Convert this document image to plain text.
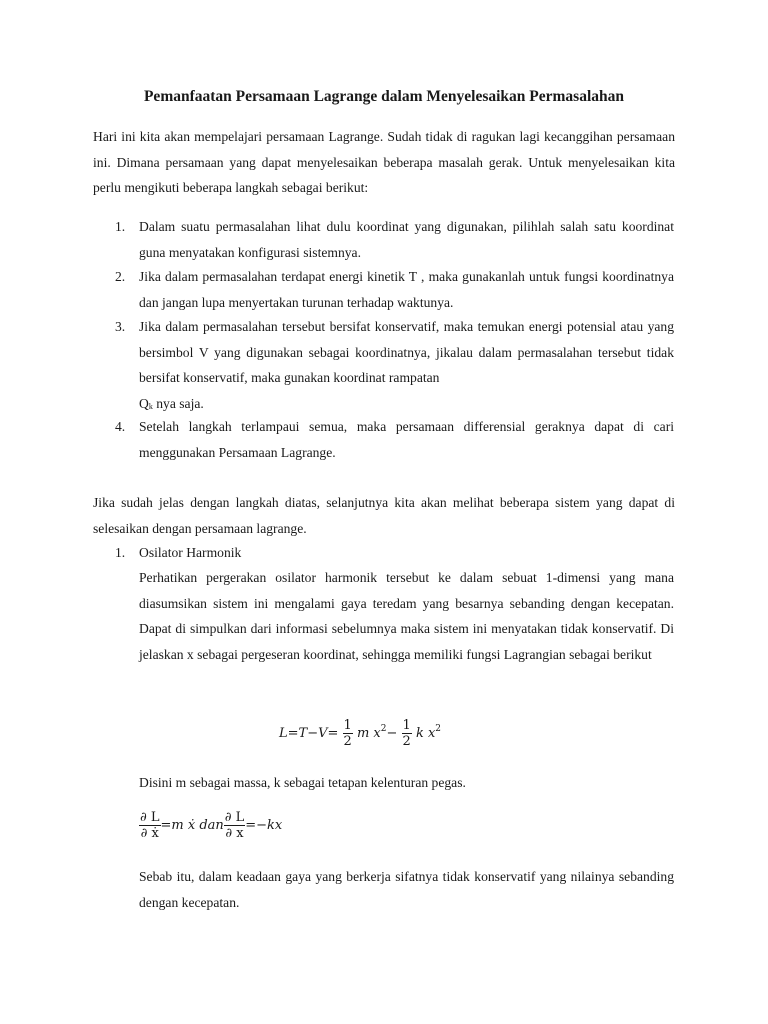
Pemanfaatan Persamaan Lagrange dalam Menyelesaikan Permasalahan
Hari ini kita akan mempelajari persamaan Lagrange. Sudah tidak di ragukan lagi kecanggihan persamaan ini. Dimana persamaan yang dapat menyelesaikan beberapa masalah gerak. Untuk menyelesaikan kita perlu mengikuti beberapa langkah sebagai berikut:
1. Dalam suatu permasalahan lihat dulu koordinat yang digunakan, pilihlah salah satu koordinat guna menyatakan konfigurasi sistemnya.
2. Jika dalam permasalahan terdapat energi kinetik T , maka gunakanlah untuk fungsi koordinatnya dan jangan lupa menyertakan turunan terhadap waktunya.
3. Jika dalam permasalahan tersebut bersifat konservatif, maka temukan energi potensial atau yang bersimbol V yang digunakan sebagai koordinatnya, jikalau dalam permasalahan tersebut tidak bersifat konservatif, maka gunakan koordinat rampatan
$Q_k$ nya saja.
4. Setelah langkah terlampaui semua, maka persamaan differensial geraknya dapat di cari menggunakan Persamaan Lagrange.
Jika sudah jelas dengan langkah diatas, selanjutnya kita akan melihat beberapa sistem yang dapat di selesaikan dengan persamaan lagrange.
1. Osilator Harmonik
Perhatikan pergerakan osilator harmonik tersebut ke dalam sebuat 1-dimensi yang mana diasumsikan sistem ini mengalami gaya teredam yang besarnya sebanding dengan kecepatan. Dapat di simpulkan dari informasi sebelumnya maka sistem ini menyatakan tidak konservatif. Di jelaskan x sebagai pergeseran koordinat, sehingga memiliki fungsi Lagrangian sebagai berikut
$L=T-V= \frac{1}{2}$ m $x^2- \frac{1}{2}$ k $x^2$
Disini m sebagai massa, k sebagai tetapan kelenturan pegas.
$\frac{\partial L}{\text{∂ ẋ}} =m$ ẋ dan $\frac{\partial L}{\partial x} =-kx$
Sebab itu, dalam keadaan gaya yang berkerja sifatnya tidak konservatif yang nilainya sebanding dengan kecepatan.
